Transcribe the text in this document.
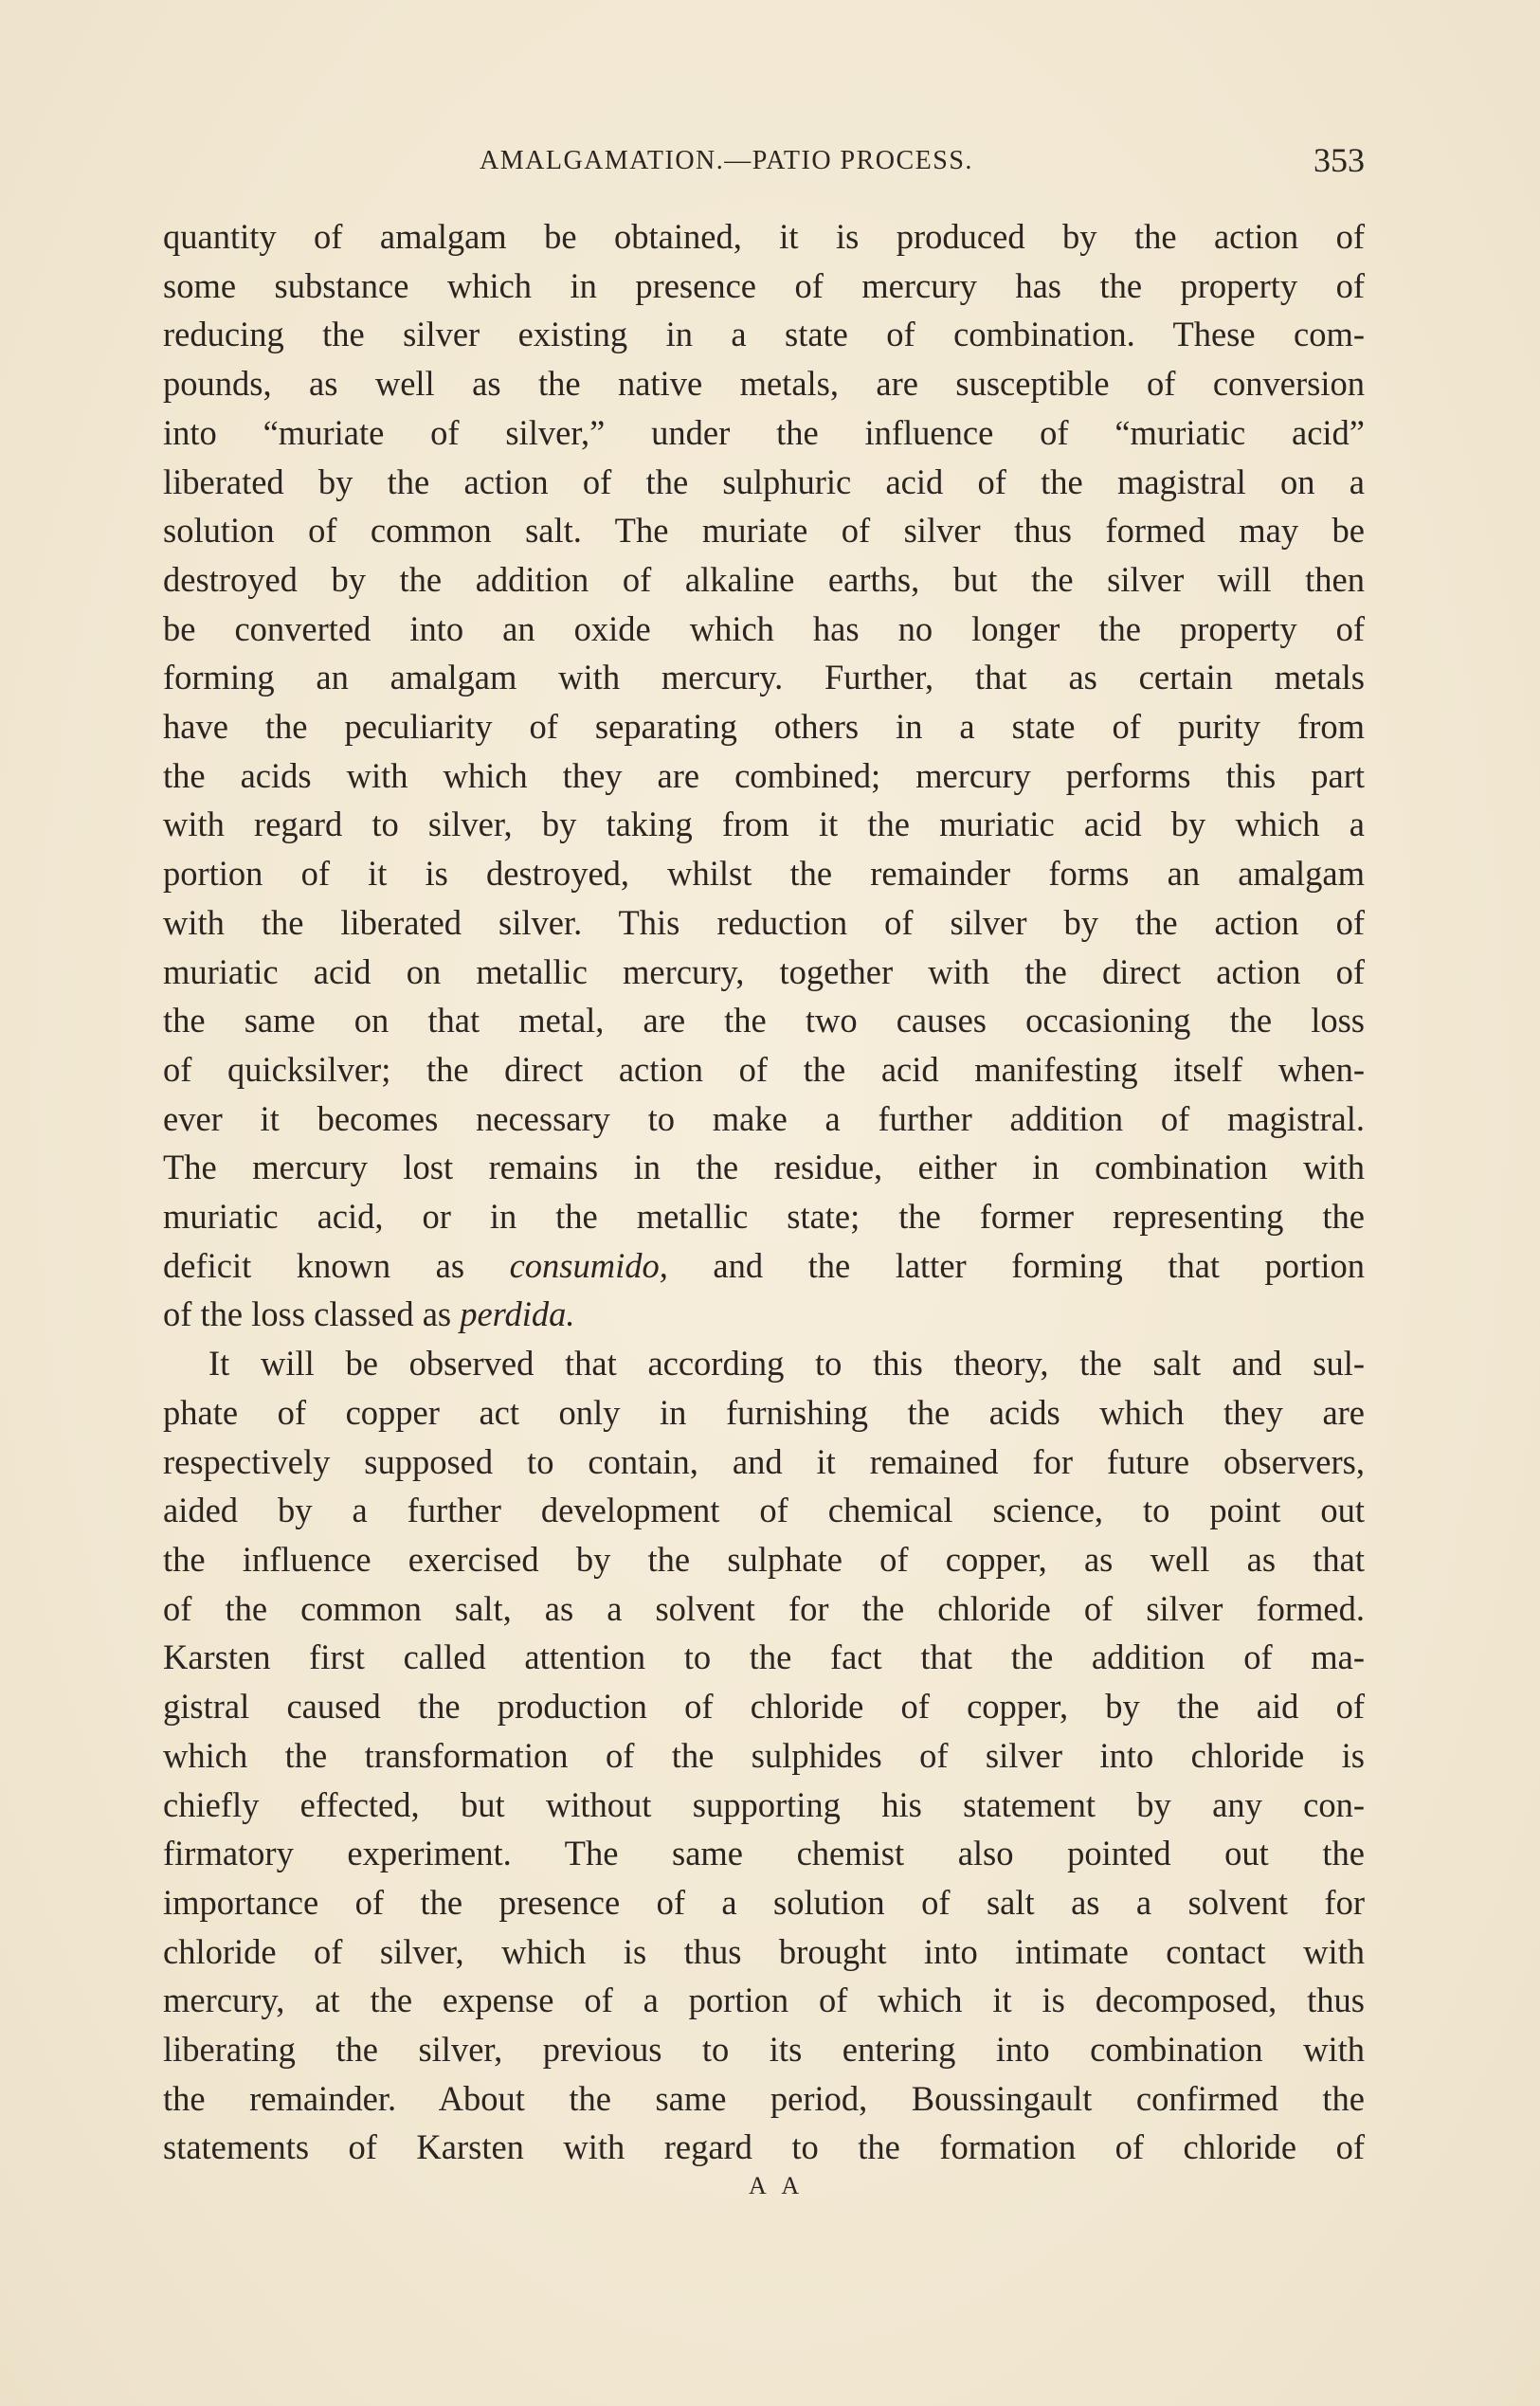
AMALGAMATION.—PATIO PROCESS.	353

quantity of amalgam be obtained, it is produced by the action of
some substance which in presence of mercury has the property of
reducing the silver existing in a state of combination. These com-
pounds, as well as the native metals, are susceptible of conversion
into “muriate of silver,” under the influence of “muriatic acid”
liberated by the action of the sulphuric acid of the magistral on a
solution of common salt. The muriate of silver thus formed may be
destroyed by the addition of alkaline earths, but the silver will then
be converted into an oxide which has no longer the property of
forming an amalgam with mercury. Further, that as certain metals
have the peculiarity of separating others in a state of purity from
the acids with which they are combined; mercury performs this part
with regard to silver, by taking from it the muriatic acid by which a
portion of it is destroyed, whilst the remainder forms an amalgam
with the liberated silver. This reduction of silver by the action of
muriatic acid on metallic mercury, together with the direct action of
the same on that metal, are the two causes occasioning the loss
of quicksilver; the direct action of the acid manifesting itself when-
ever it becomes necessary to make a further addition of magistral.
The mercury lost remains in the residue, either in combination with
muriatic acid, or in the metallic state; the former representing the
deficit known as consumido, and the latter forming that portion
of the loss classed as perdida.

It will be observed that according to this theory, the salt and sul-
phate of copper act only in furnishing the acids which they are
respectively supposed to contain, and it remained for future observers,
aided by a further development of chemical science, to point out
the influence exercised by the sulphate of copper, as well as that
of the common salt, as a solvent for the chloride of silver formed.
Karsten first called attention to the fact that the addition of ma-
gistral caused the production of chloride of copper, by the aid of
which the transformation of the sulphides of silver into chloride is
chiefly effected, but without supporting his statement by any con-
firmatory experiment. The same chemist also pointed out the
importance of the presence of a solution of salt as a solvent for
chloride of silver, which is thus brought into intimate contact with
mercury, at the expense of a portion of which it is decomposed, thus
liberating the silver, previous to its entering into combination with
the remainder. About the same period, Boussingault confirmed the
statements of Karsten with regard to the formation of chloride of

A A
